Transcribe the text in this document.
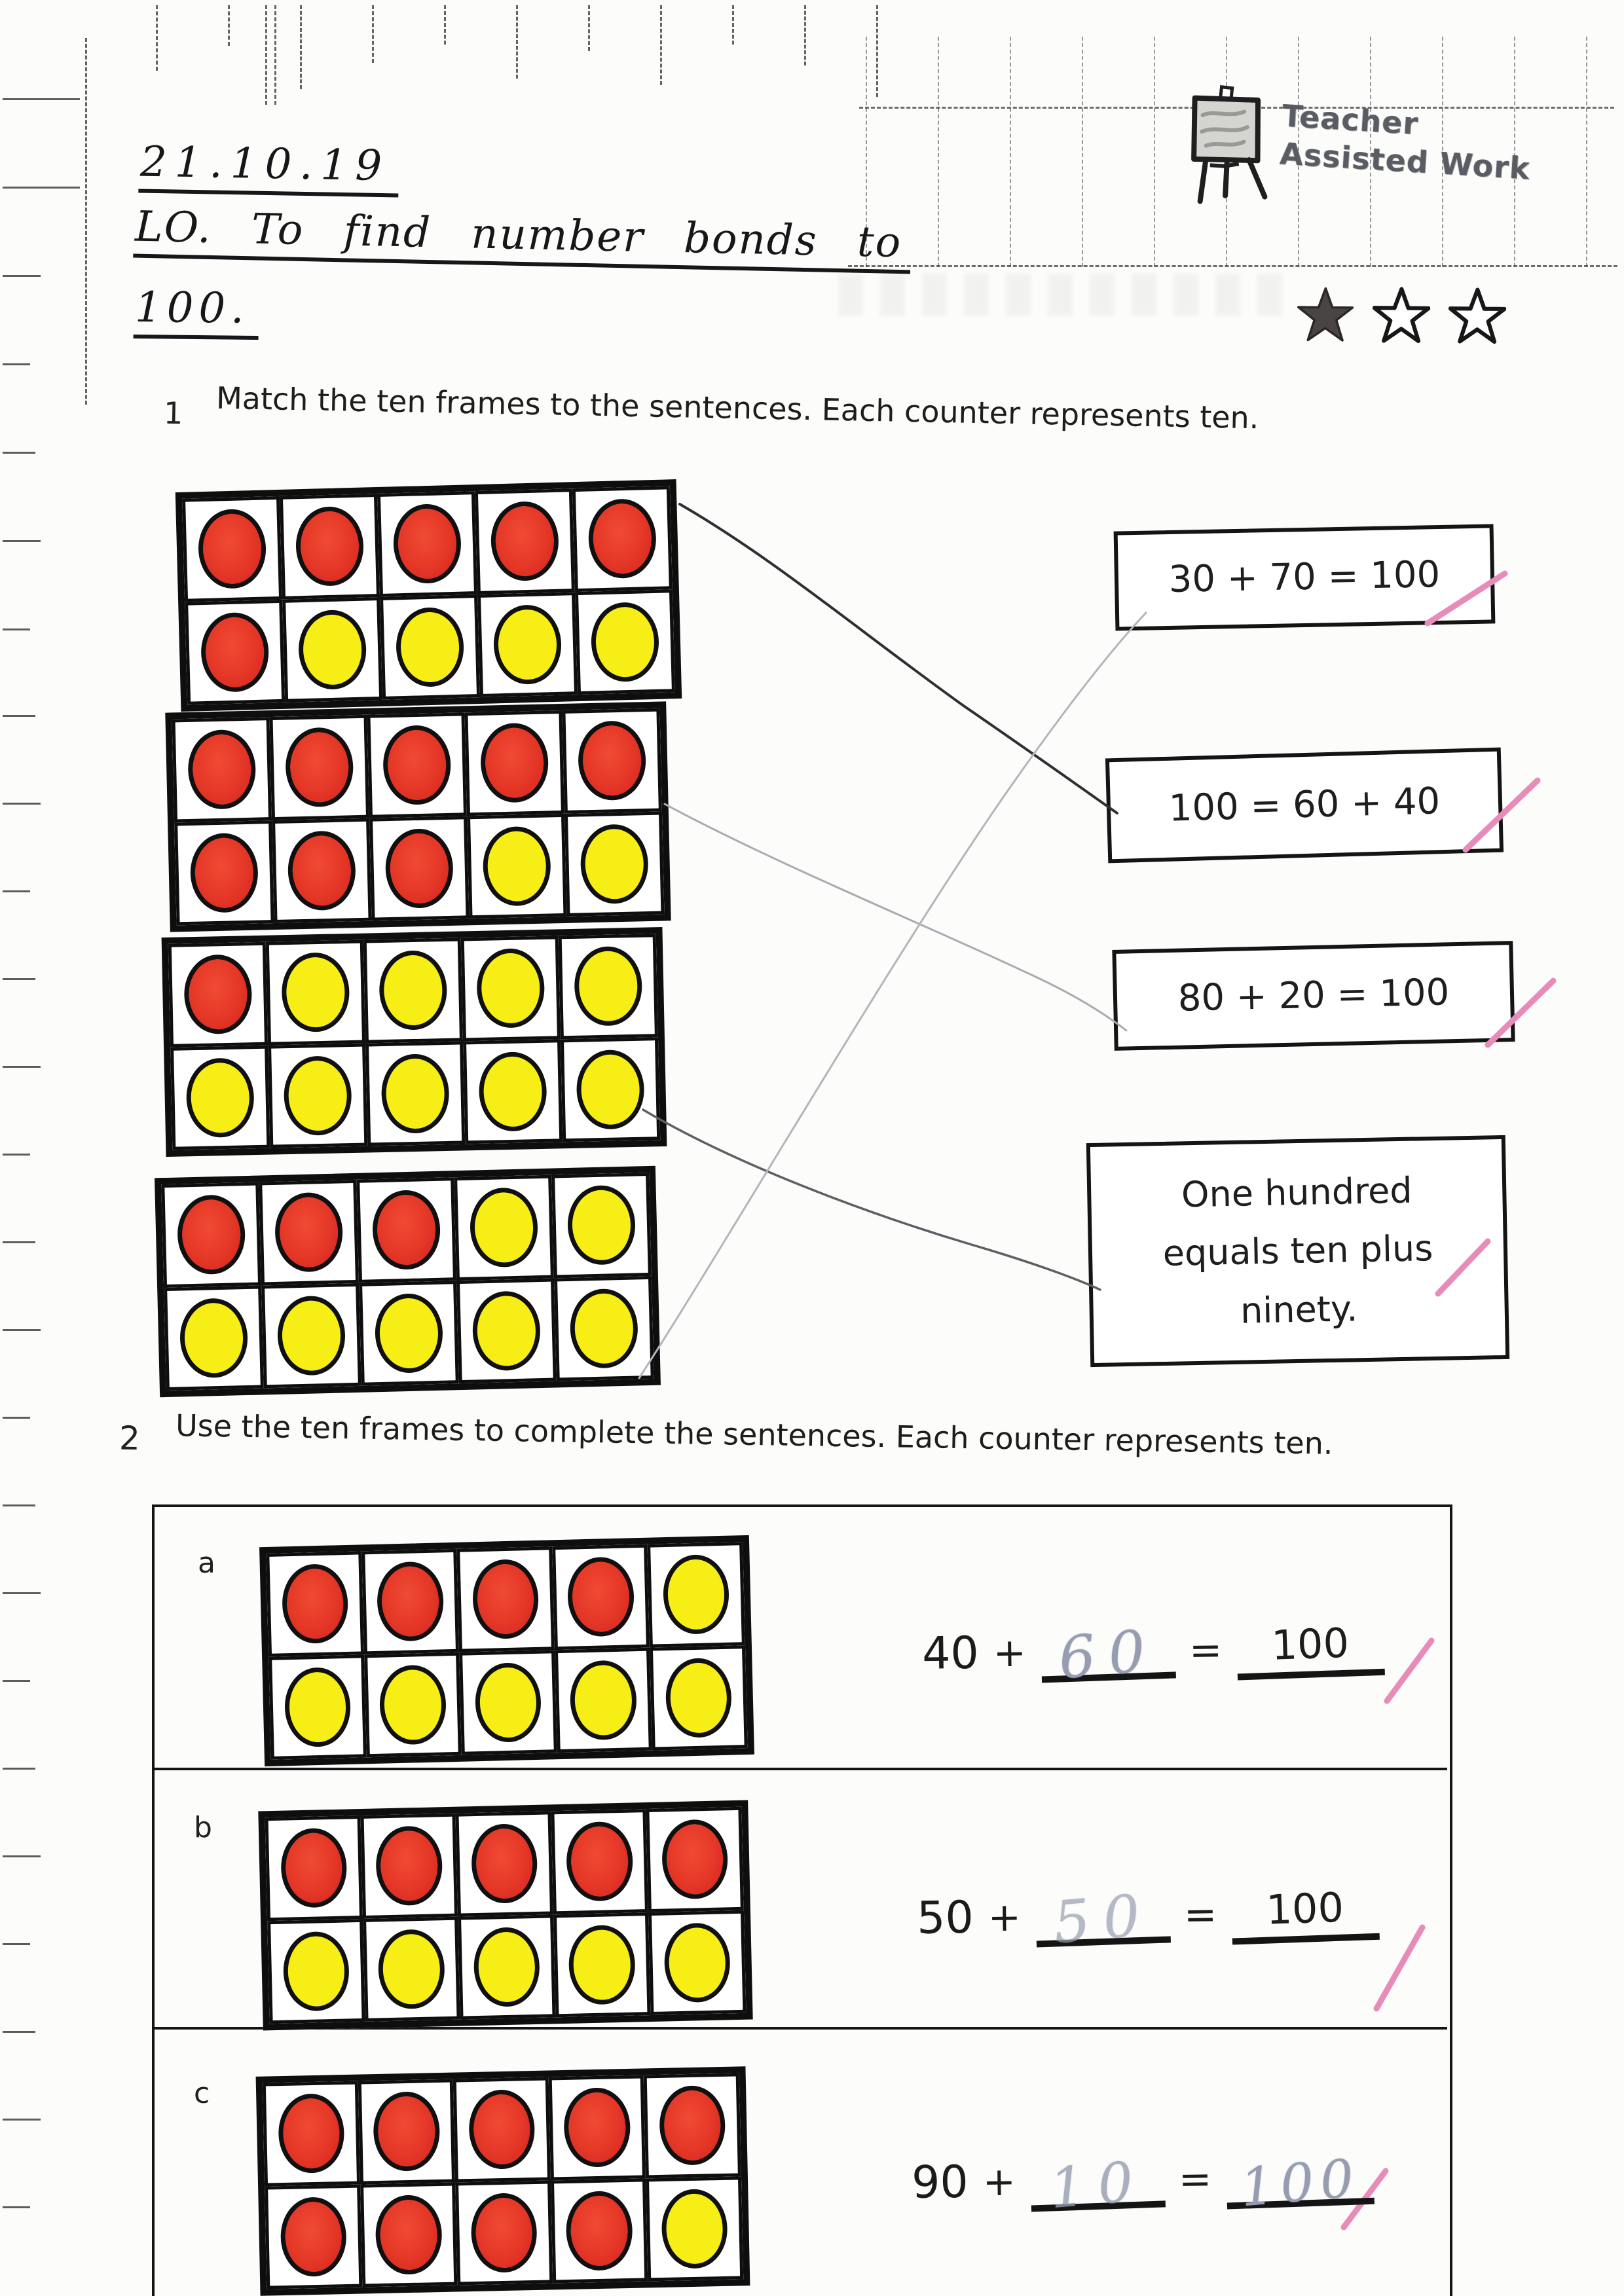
21.10.19
LO. To find number bonds to
100.
Teacher
Assisted Work
1 Match the ten frames to the sentences. Each counter represents ten.
30 + 70 = 100
100 = 60 + 40
80 + 20 = 100
One hundred equals ten plus ninety.
2 Use the ten frames to complete the sentences. Each counter represents ten.
a
40 + 60 = 100
b
50 + 50 = 100
c
90 + 10 = 100
